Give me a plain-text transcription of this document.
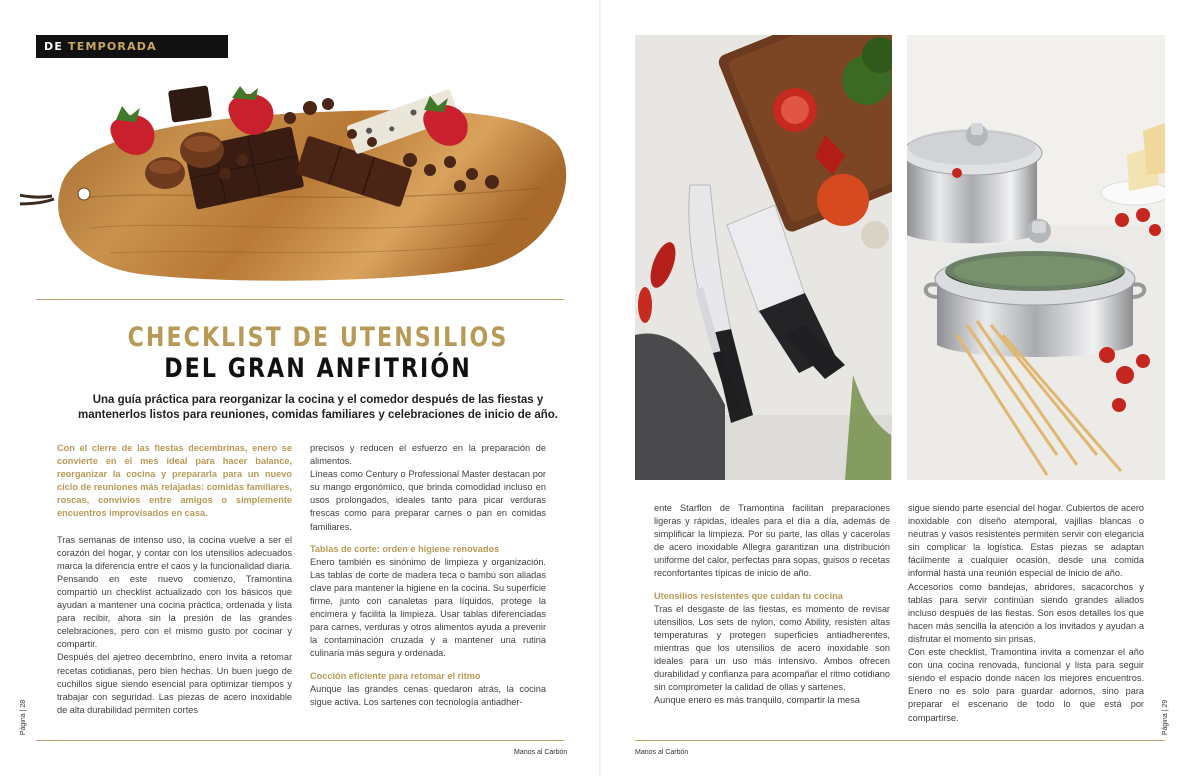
DE TEMPORADA
CHECKLIST DE UTENSILIOS
DEL GRAN ANFITRIÓN
Una guía práctica para reorganizar la cocina y el comedor después de las fiestas y mantenerlos listos para reuniones, comidas familiares y celebraciones de inicio de año.

Con el cierre de las fiestas decembrinas, enero se convierte en el mes ideal para hacer balance, reorganizar la cocina y prepararla para un nuevo ciclo de reuniones más relajadas: comidas familiares, roscas, convivios entre amigos o simplemente encuentros improvisados en casa.

Tras semanas de intenso uso, la cocina vuelve a ser el corazón del hogar, y contar con los utensilios adecuados marca la diferencia entre el caos y la funcionalidad diaria. Pensando en este nuevo comienzo, Tramontina compartió un checklist actualizado con los básicos que ayudan a mantener una cocina práctica, ordenada y lista para recibir, ahora sin la presión de las grandes celebraciones, pero con el mismo gusto por cocinar y compartir.

Después del ajetreo decembrino, enero invita a retomar recetas cotidianas, pero bien hechas. Un buen juego de cuchillos sigue siendo esencial para optimizar tiempos y trabajar con seguridad. Las piezas de acero inoxidable de alta durabilidad permiten cortes

precisos y reducen el esfuerzo en la preparación de alimentos.

Líneas como Century o Professional Master destacan por su mango ergonómico, que brinda comodidad incluso en usos prolongados, ideales tanto para picar verduras frescas como para preparar carnes o pan en comidas familiares.

Tablas de corte: orden e higiene renovados

Enero también es sinónimo de limpieza y organización. Las tablas de corte de madera teca o bambú son aliadas clave para mantener la higiene en la cocina. Su superficie firme, junto con canaletas para líquidos, protege la encimera y facilita la limpieza. Usar tablas diferenciadas para carnes, verduras y otros alimentos ayuda a prevenir la contaminación cruzada y a mantener una rutina culinaria más segura y ordenada.

Cocción eficiente para retomar el ritmo

Aunque las grandes cenas quedaron atrás, la cocina sigue activa. Los sartenes con tecnología antiadher-

Página | 28
Manos al Carbón

ente Starflon de Tramontina facilitan preparaciones ligeras y rápidas, ideales para el día a día, además de simplificar la limpieza. Por su parte, las ollas y cacerolas de acero inoxidable Allegra garantizan una distribución uniforme del calor, perfectas para sopas, guisos o recetas reconfortantes típicas de inicio de año.

Utensilios resistentes que cuidan tu cocina

Tras el desgaste de las fiestas, es momento de revisar utensilios. Los sets de nylon, como Ability, resisten altas temperaturas y protegen superficies antiadherentes, mientras que los utensilios de acero inoxidable son ideales para un uso más intensivo. Ambos ofrecen durabilidad y confianza para acompañar el ritmo cotidiano sin comprometer la calidad de ollas y sartenes.

Aunque enero es más tranquilo, compartir la mesa

sigue siendo parte esencial del hogar. Cubiertos de acero inoxidable con diseño atemporal, vajillas blancas o neutras y vasos resistentes permiten servir con elegancia sin complicar la logística. Estas piezas se adaptan fácilmente a cualquier ocasión, desde una comida informal hasta una reunión especial de inicio de año.

Accesorios como bandejas, abridores, sacacorchos y tablas para servir continúan siendo grandes aliados incluso después de las fiestas. Son esos detalles los que hacen más sencilla la atención a los invitados y ayudan a disfrutar el momento sin prisas.

Con este checklist, Tramontina invita a comenzar el año con una cocina renovada, funcional y lista para seguir siendo el espacio donde nacen los mejores encuentros. Enero no es solo para guardar adornos, sino para preparar el escenario de todo lo que está por compartirse.	Página | 29
Manos al Carbón
